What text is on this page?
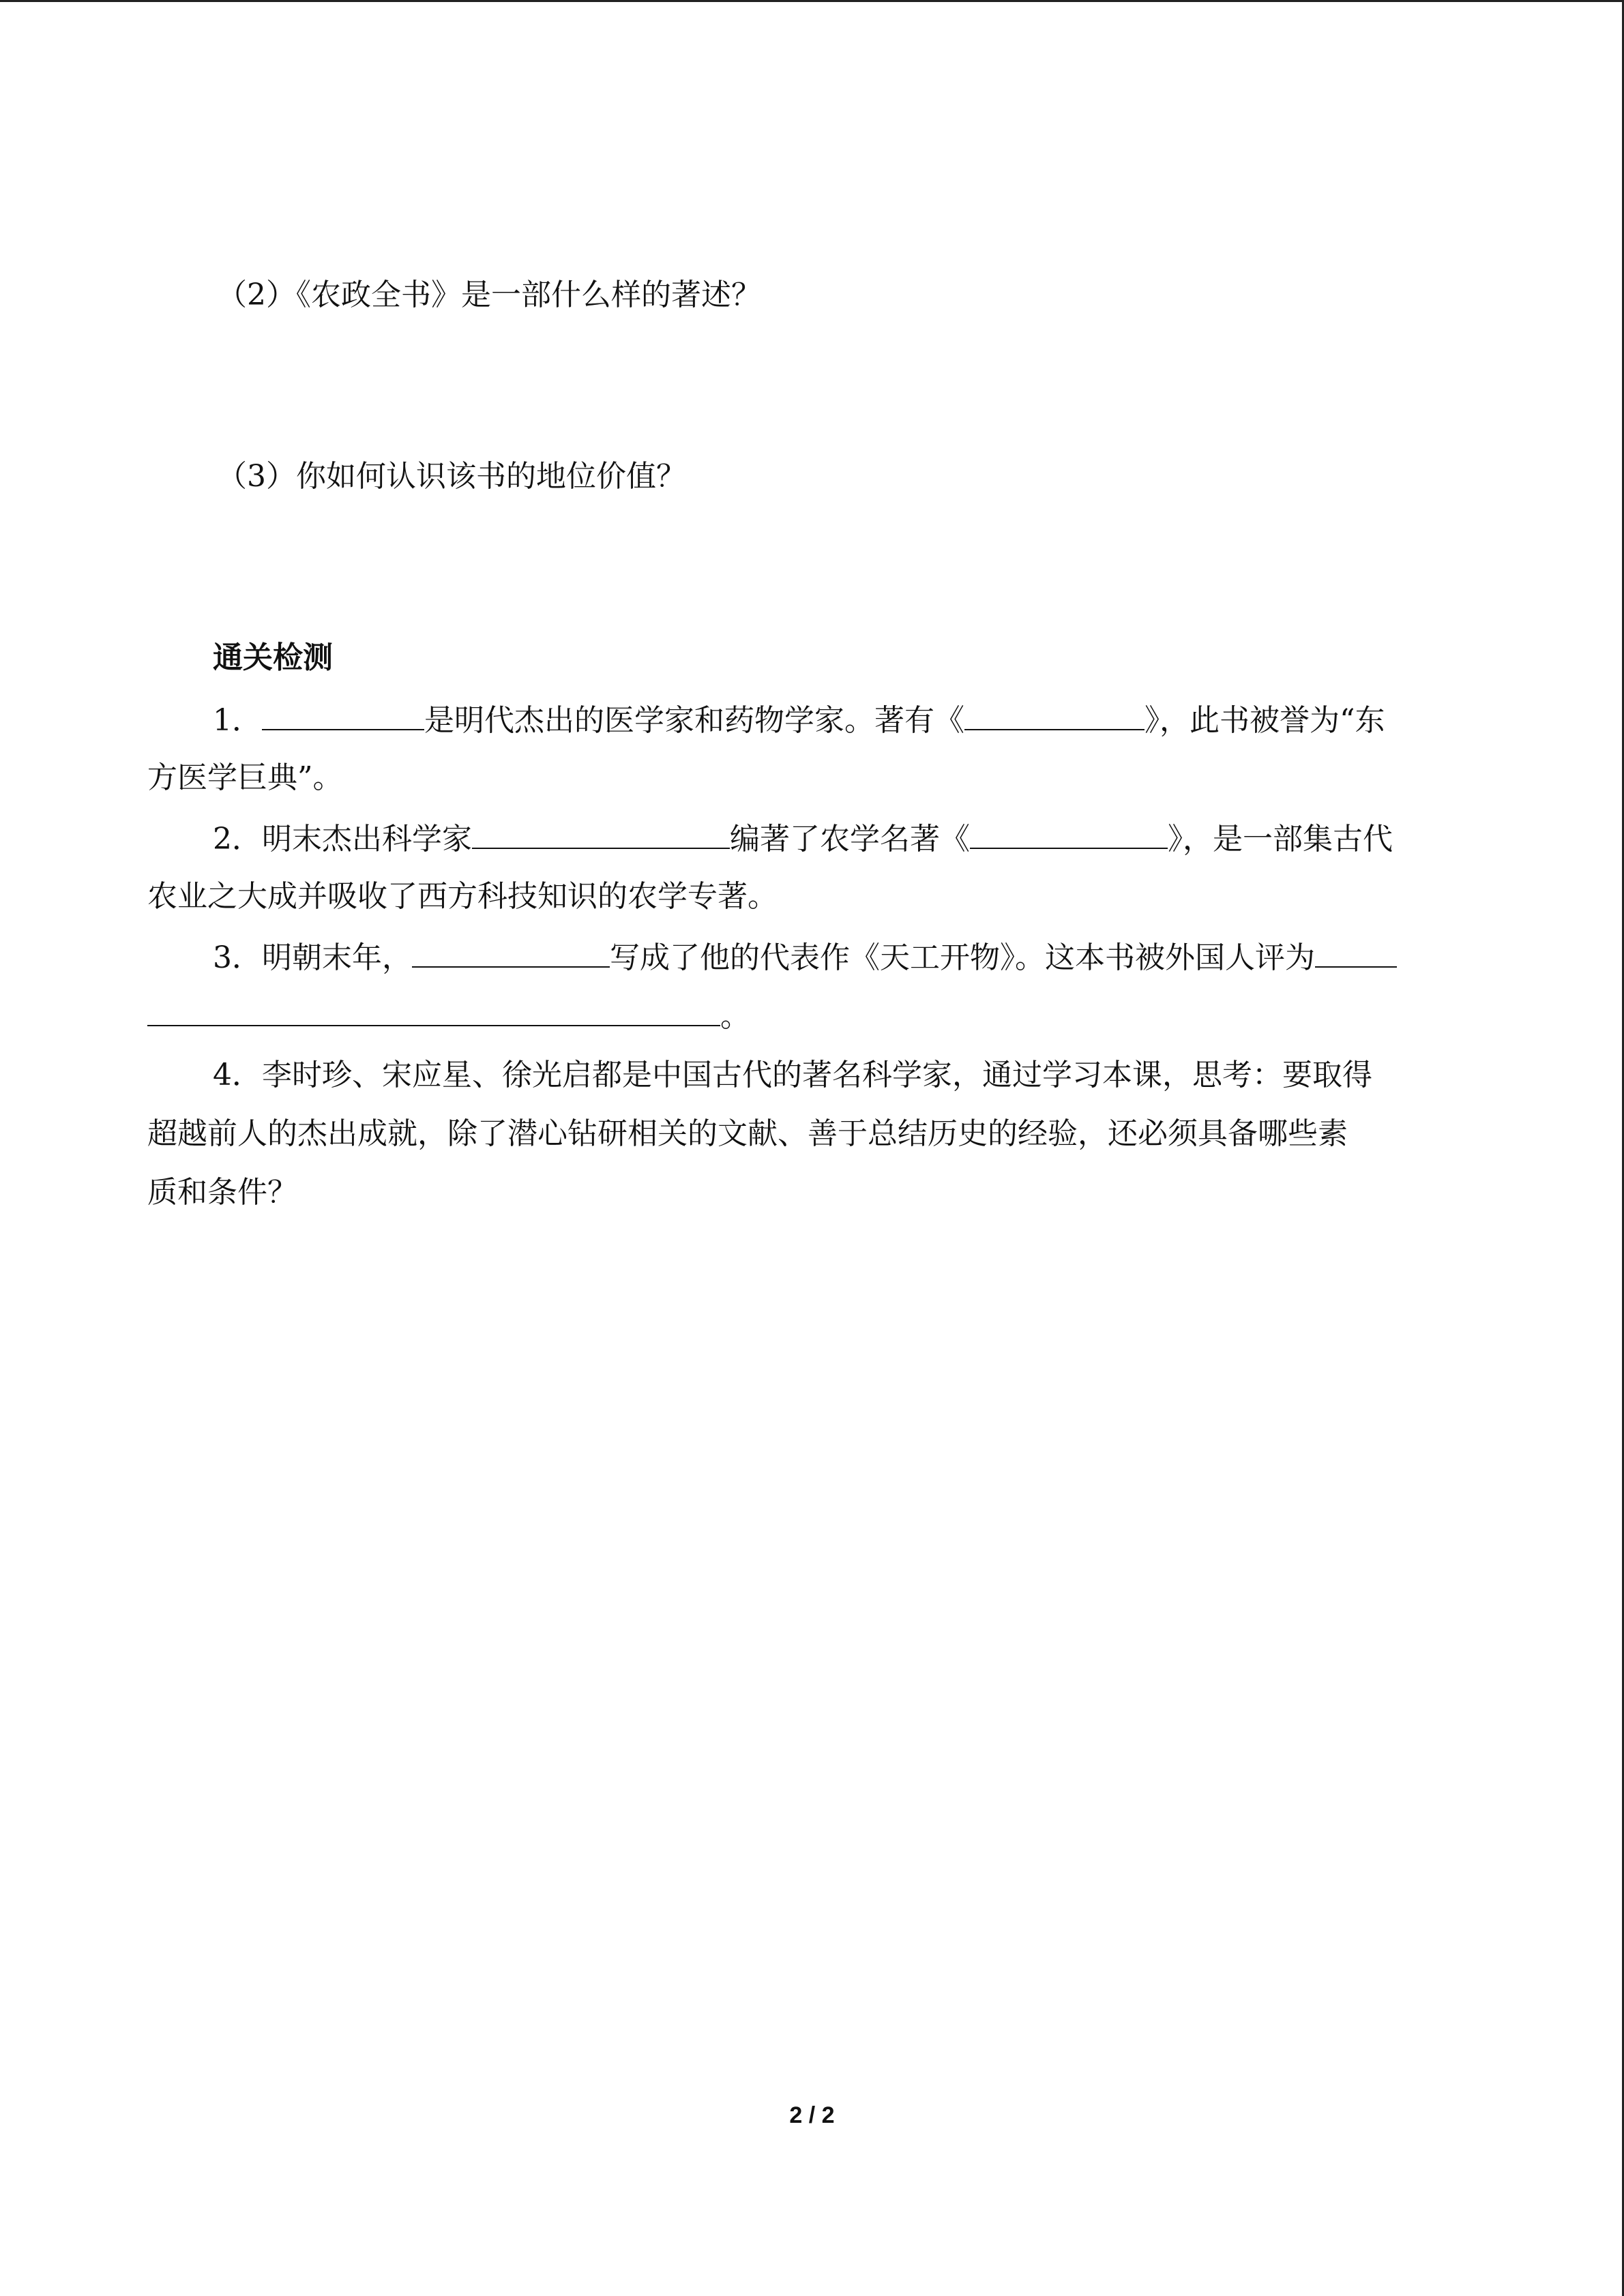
（2）《农政全书》是一部什么样的著述？
（3）你如何认识该书的地位价值？
通关检测
1．	是明代杰出的医学家和药物学家。著有《	》，此书被誉为“东
方医学巨典”。
2．明末杰出科学家	编著了农学名著《	》，是一部集古代
农业之大成并吸收了西方科技知识的农学专著。
3．明朝末年，	写成了他的代表作《天工开物》。这本书被外国人评为
。
4．李时珍、宋应星、徐光启都是中国古代的著名科学家，通过学习本课，思考：要取得
超越前人的杰出成就，除了潜心钻研相关的文献、善于总结历史的经验，还必须具备哪些素
质和条件？
2 / 2
